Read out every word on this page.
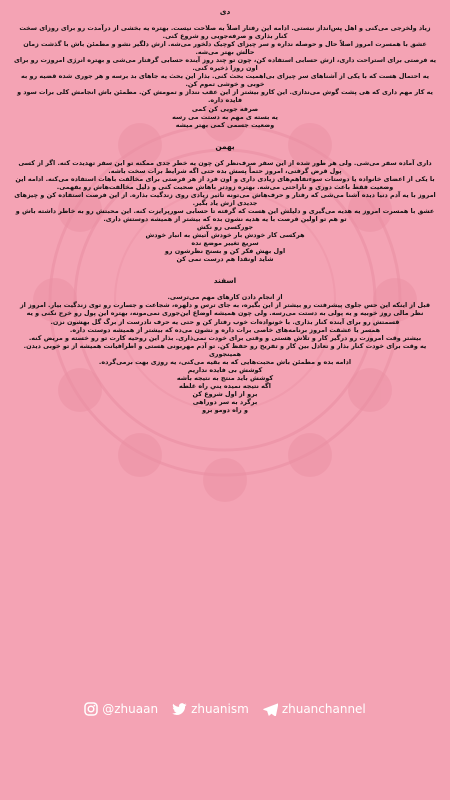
دی

زیاد ولخرجی می‌کنی و اهل پس‌انداز نیستی. ادامه این رفتار اصلاً به صلاحت نیست. بهتره یه بخشی از درآمدت رو برای روزای سخت کنار بذاری و صرفه‌جویی رو شروع کنی.

عشق با همسرت امروز اصلاً حال و حوصله نداره و سر چیزای کوچیک دلخور می‌شه. ازش دلگیر نشو و مطمئن باش با گذشت زمان حالش بهتر می‌شه.

یه فرصتی برای استراحت داری، ازش حسابی استفاده کن، چون تو چند روز آینده حسابی گرفتار می‌شی و بهتره انرژی امروزت رو برای اون روزا ذخیره کنی.

یه احتمال هست که با یکی از آشناهای سر چیزای بی‌اهمیت بحث کنی. بذار این بحث یه جاهای بد برسه و هر جوری شده قضیه رو به خوبی و خوشی تموم کن.

یه کار مهم داری که هی پشت گوش می‌ندازی. این کارو بیشتر از این عقب ننداز و تمومش کن. مطمئن باش انجامش کلی برات سود و فایده داره.

صرفه جویی کن کمی
یه بسته ی مهم به دستت می رسه
وضعیت جسمی کمی بهتر میشه
بهمن

داری آماده سفر می‌شی. ولی هر طور شده از این سفر صرف‌نظر کن چون یه خطر جدی ممکنه تو این سفر تهدیدت کنه. اگر از کسی پول قرض گرفتی، امروز حتماً پسش بده حتی اگه شرایط برات سخت باشه.

با یکی از اعضای خانواده یا دوستات سوءتفاهم‌های زیادی داری و اون فرد از هر فرصتی برای مخالفت باهات استفاده می‌کنه. ادامه این وضعیت فقط باعث دوری و ناراحتی می‌شه. بهتره زودتر باهاش صحبت کنی و دلیل مخالفت‌هاش رو بفهمی.

امروز با یه آدم دنیا دیده آشنا می‌شی که رفتار و حرف‌هاش می‌تونه تاثیر زیادی روی زندگیت بذاره. از این فرصت استفاده کن و چیزهای جدیدی ازش یاد بگیر.

عشق با همسرت امروز یه هدیه می‌گیری و دلیلش این هست که گرفته تا حسابی سورپرایزت کنه. این محبتش رو به خاطر داشته باش و تو هم تو اولین فرصت با یه هدیه نشون بده که بیشتر از همیشه دوستش داری.

جورکسی رو نکش
هرکسی کار خودش بار خودش آتیش به انبار خودش
سریع تغییر موضع نده
اول بهش فکر کن و بسنج نظرشون رو
شاید اونقدا هم درست نمی کن
اسفند

از انجام دادن کارهای مهم می‌ترسی.

قبل از اینکه این حس جلوی پیشرفتت رو بیشتر از این بگیره، به جای ترس و دلهره، شجاعت و جسارت رو توی زندگیت بیار. امروز از نظر مالی روز خوبیه و یه پولی به دستت می‌رسه. ولی چون همیشه اوضاع این‌جوری نمی‌مونه، بهتره این پول رو خرج نکنی و یه قسمتش رو برای آینده کنار بذاری. با خونواده‌ات خوب رفتار کن و حتی یه حرف نادرست از برگ گل بهشون نزن.

همسر یا عشقت امروز برنامه‌های خاصی برات داره و نشون می‌ده که بیشتر از همیشه دوستت داره.

بیشتر وقت امروزت رو درگیر کار و تلاش هستی و وقتی برای خودت نمی‌ذاری. بذار این روحیه کارت تو رو خسته و مریض کنه.

یه وقت برای خودت کنار بذار و تعادل بین کار و تفریح رو حفظ کن. تو آدم مهربونی هستی و اطرافیانت همیشه از تو خوبی دیدن.

همینجوری
ادامه بده و مطمئن باش محبت‌هایی که به بقیه می‌کنی، یه روزی بهت برمی‌گرده.
کوشش بی فایده نداریم
کوشش باید منتج به نتیجه باشه
اگه نتیجه نمیده یني راه غلطه
برو از اول شروع کن
برگرد به سر دوراهی
و راه دومو برو
@zhuaan	zhuanism	zhuanchannel
